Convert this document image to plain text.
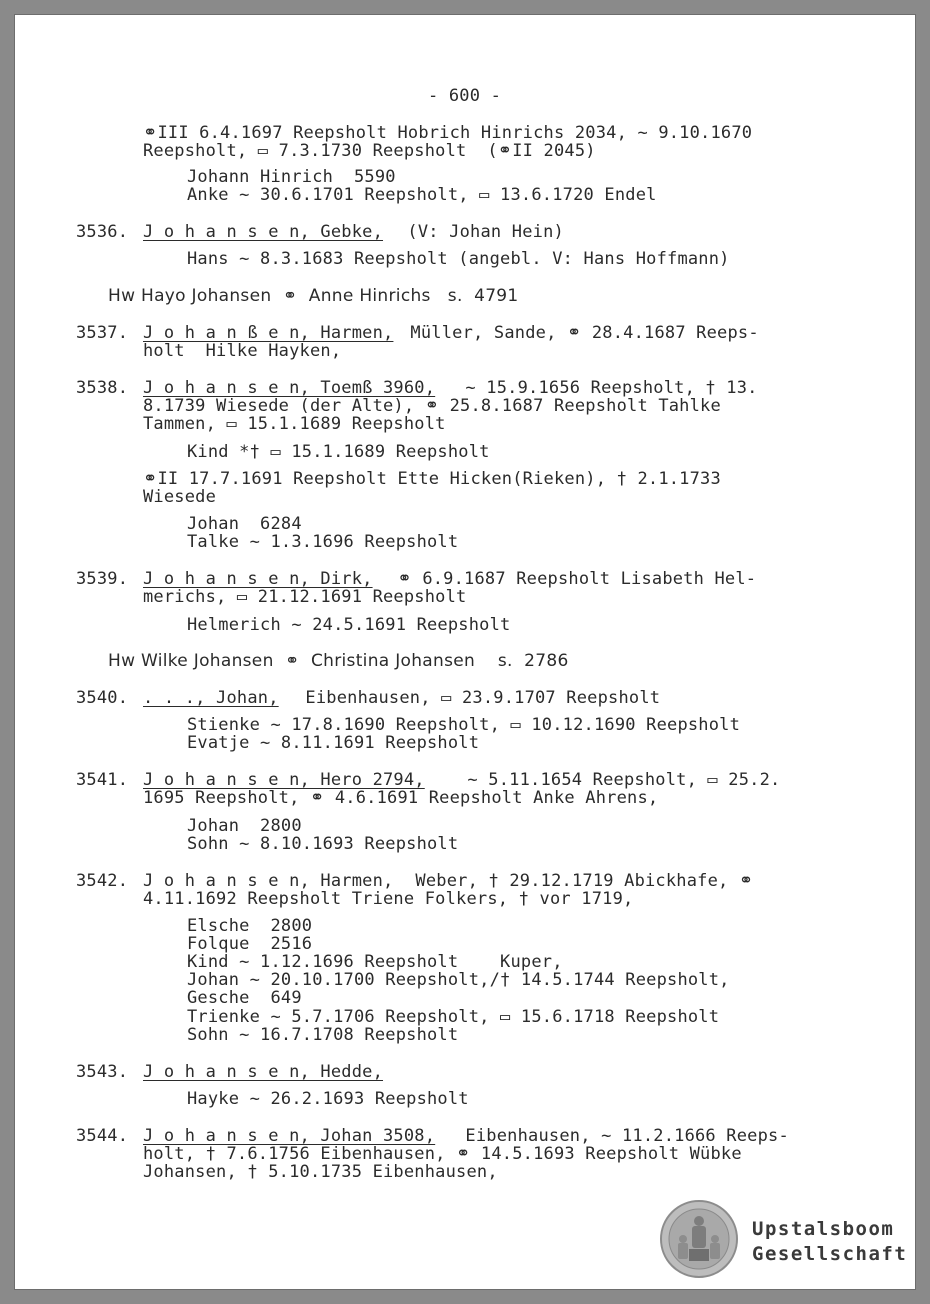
- 600 -
⚭III 6.4.1697 Reepsholt Hobrich Hinrichs 2034, ~ 9.10.1670
Reepsholt, ▭ 7.3.1730 Reepsholt  (⚭II 2045)
Johann Hinrich  5590
Anke ~ 30.6.1701 Reepsholt, ▭ 13.6.1720 Endel
3536. J o h a n s e n, Gebke, (V: Johan Hein)
Hans ~ 8.3.1683 Reepsholt (angebl. V: Hans Hoffmann)
Hw Hayo Johansen  ⚭  Anne Hinrichs   s.  4791
3537. J o h a n ß e n, Harmen, Müller, Sande, ⚭ 28.4.1687 Reeps-
holt  Hilke Hayken,
3538. J o h a n s e n, Toemß 3960, ~ 15.9.1656 Reepsholt, † 13.
8.1739 Wiesede (der Alte), ⚭ 25.8.1687 Reepsholt Tahlke
Tammen, ▭ 15.1.1689 Reepsholt
Kind *† ▭ 15.1.1689 Reepsholt
⚭II 17.7.1691 Reepsholt Ette Hicken(Rieken), † 2.1.1733
Wiesede
Johan  6284
Talke ~ 1.3.1696 Reepsholt
3539. J o h a n s e n, Dirk, ⚭ 6.9.1687 Reepsholt Lisabeth Hel-
merichs, ▭ 21.12.1691 Reepsholt
Helmerich ~ 24.5.1691 Reepsholt
Hw Wilke Johansen  ⚭  Christina Johansen    s.  2786
3540. . . ., Johan, Eibenhausen, ▭ 23.9.1707 Reepsholt
Stienke ~ 17.8.1690 Reepsholt, ▭ 10.12.1690 Reepsholt
Evatje ~ 8.11.1691 Reepsholt
3541. J o h a n s e n, Hero 2794, ~ 5.11.1654 Reepsholt, ▭ 25.2.
1695 Reepsholt, ⚭ 4.6.1691 Reepsholt Anke Ahrens,
Johan  2800
Sohn ~ 8.10.1693 Reepsholt
3542. J o h a n s e n, Harmen, Weber, † 29.12.1719 Abickhafe, ⚭
4.11.1692 Reepsholt Triene Folkers, † vor 1719,
Elsche  2800
Folque  2516
Kind ~ 1.12.1696 Reepsholt    Kuper,
Johan ~ 20.10.1700 Reepsholt,/† 14.5.1744 Reepsholt,
Gesche  649
Trienke ~ 5.7.1706 Reepsholt, ▭ 15.6.1718 Reepsholt
Sohn ~ 16.7.1708 Reepsholt
3543. J o h a n s e n, Hedde,
Hayke ~ 26.2.1693 Reepsholt
3544. J o h a n s e n, Johan 3508, Eibenhausen, ~ 11.2.1666 Reeps-
holt, † 7.6.1756 Eibenhausen, ⚭ 14.5.1693 Reepsholt Wübke
Johansen, † 5.10.1735 Eibenhausen,
Upstalsboom
Gesellschaft
